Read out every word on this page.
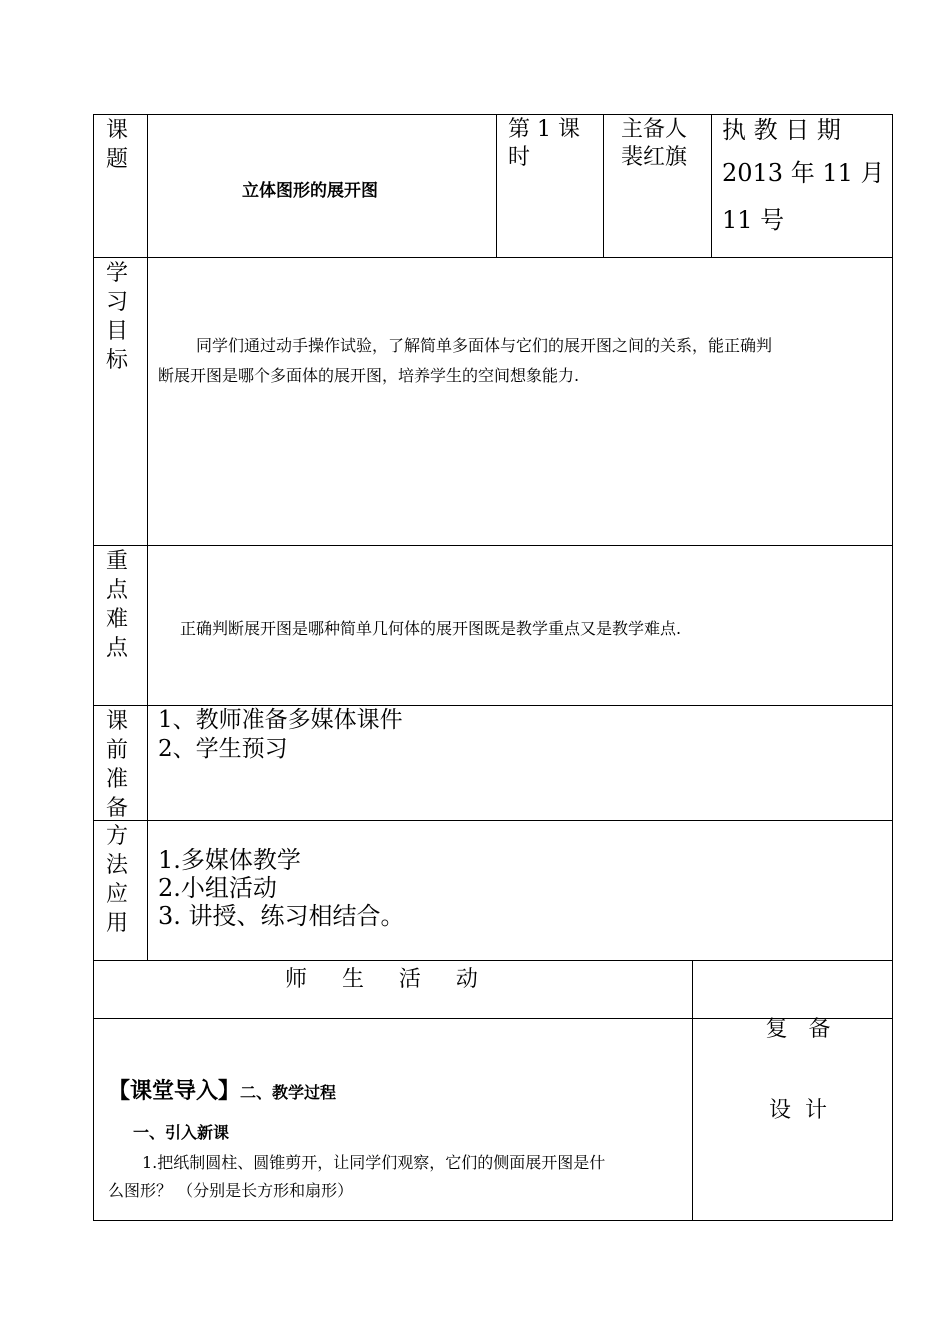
课
题
立体图形的展开图
第 1 课
时
主备人
裴红旗
执 教 日 期
2013 年 11 月
11 号
学
习
目
标
同学们通过动手操作试验，了解简单多面体与它们的展开图之间的关系，能正确判
断展开图是哪个多面体的展开图，培养学生的空间想象能力.
重
点
难
点
正确判断展开图是哪种简单几何体的展开图既是教学重点又是教学难点.
课
前
准
备
1、教师准备多媒体课件
2、学生预习
方
法
应
用
1.多媒体教学
2.小组活动
3. 讲授、练习相结合。
师     生     活     动

复   备

设  计

【课堂导入】二、教学过程
一、引入新课
1.把纸制圆柱、圆锥剪开，让同学们观察，它们的侧面展开图是什
么图形？ （分别是长方形和扇形）
